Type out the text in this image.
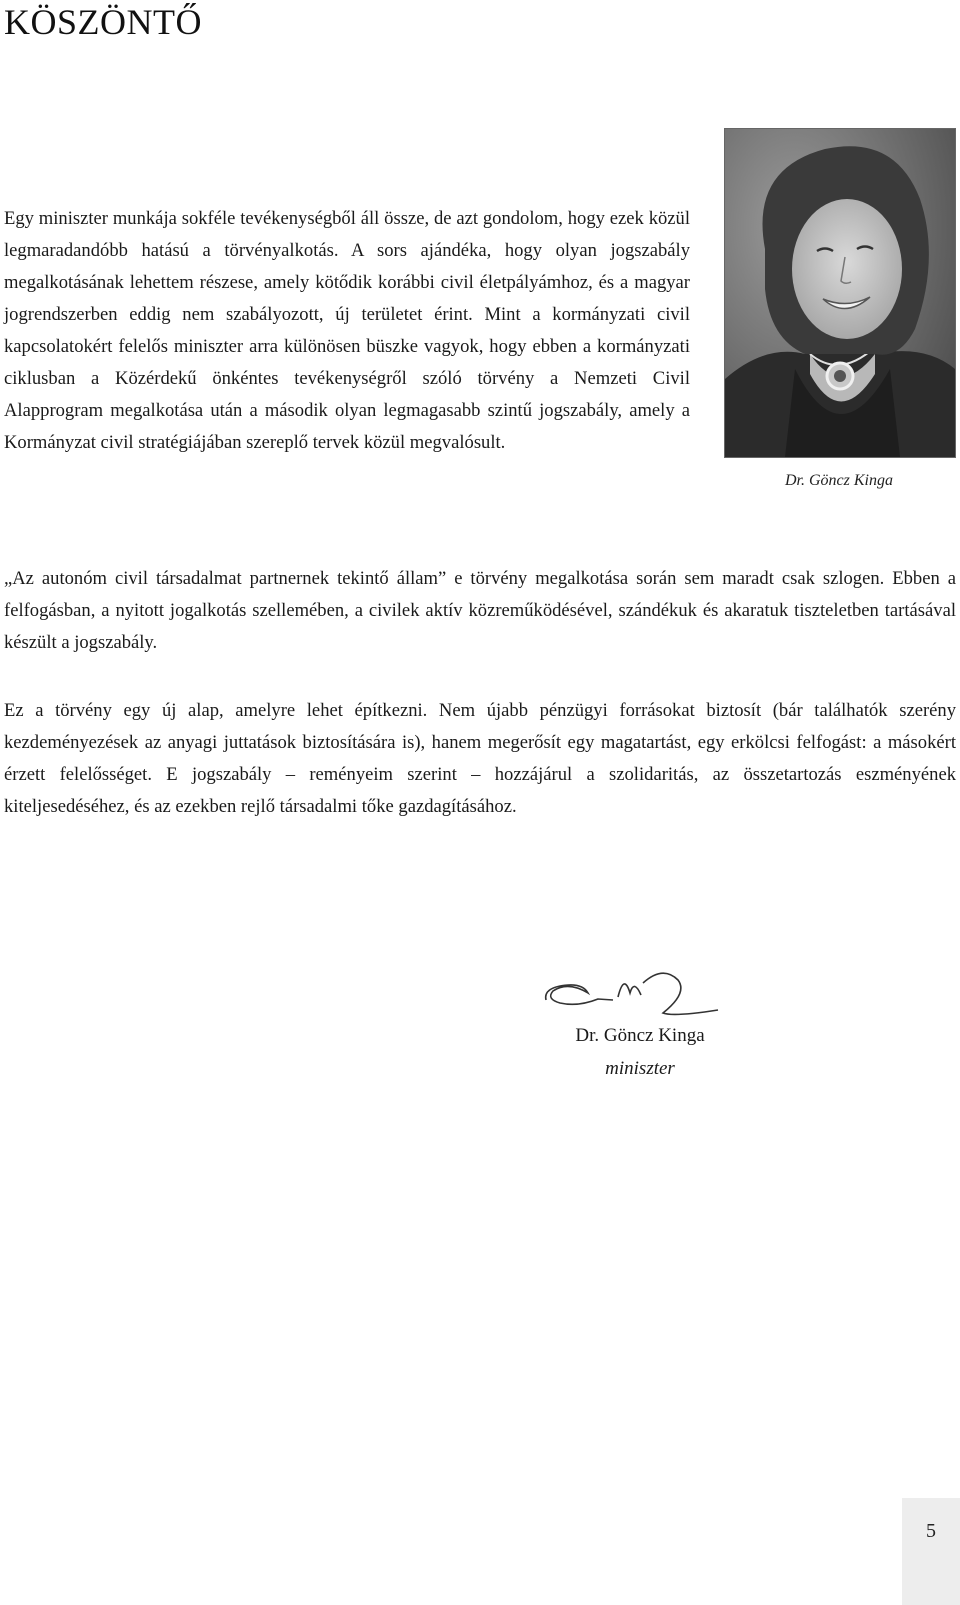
KÖSZÖNTŐ

Egy miniszter munkája sokféle tevékenységből áll össze, de azt gondolom, hogy ezek közül legmaradandóbb hatású a törvényalkotás. A sors ajándéka, hogy olyan jogszabály megalkotásának lehettem részese, amely kötődik korábbi civil életpályámhoz, és a magyar jogrendszerben eddig nem szabályozott, új területet érint. Mint a kormányzati civil kapcsolatokért felelős miniszter arra különösen büszke vagyok, hogy ebben a kormányzati ciklusban a Közérdekű önkéntes tevékenységről szóló törvény a Nemzeti Civil Alapprogram megalkotása után a második olyan legmagasabb szintű jogszabály, amely a Kormányzat civil stratégiájában szereplő tervek közül megvalósult.

Dr. Göncz Kinga

„Az autonóm civil társadalmat partnernek tekintő állam” e törvény megalkotása során sem maradt csak szlogen. Ebben a felfogásban, a nyitott jogalkotás szellemében, a civilek aktív közreműködésével, szándékuk és akaratuk tiszteletben tartásával készült a jogszabály.

Ez a törvény egy új alap, amelyre lehet építkezni. Nem újabb pénzügyi forrásokat biztosít (bár találhatók szerény kezdeményezések az anyagi juttatások biztosítására is), hanem megerősít egy magatartást, egy erkölcsi felfogást: a másokért érzett felelősséget. E jogszabály – reményeim szerint – hozzájárul a szolidaritás, az összetartozás eszményének kiteljesedéséhez, és az ezekben rejlő társadalmi tőke gazdagításához.

Dr. Göncz Kinga

miniszter

5
